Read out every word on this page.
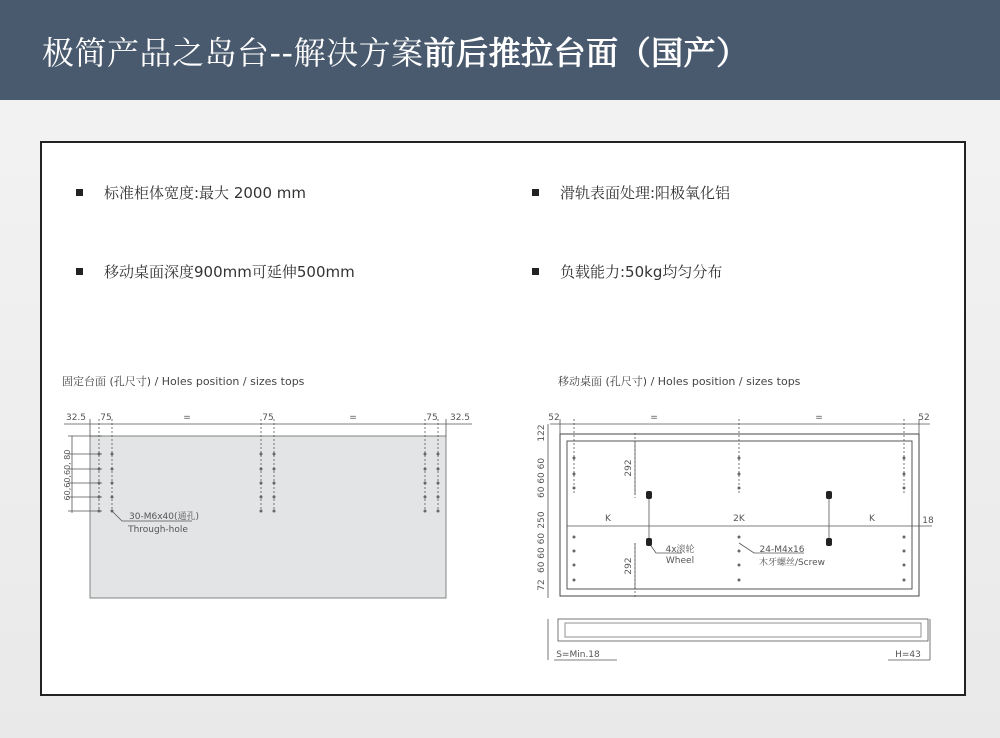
极简产品之岛台--解决方案前后推拉台面（国产）
标准柜体宽度:最大 2000 mm	滑轨表面处理:阳极氧化铝
移动桌面深度900mm可延伸500mm	负载能力:50kg均匀分布
固定台面 (孔尺寸) / Holes position / sizes tops	移动桌面 (孔尺寸) / Holes position / sizes tops
32.5 75	=	75	=	75 32.5
60,60,60, 80
30-M6x40(通孔)
Through-hole
52	=	=	52
122
60 60 60
250
60 60 60
72
292
292
K	2K	K	18
4x滚轮
Wheel
24-M4x16
木牙螺丝/Screw
S=Min.18	H=43
